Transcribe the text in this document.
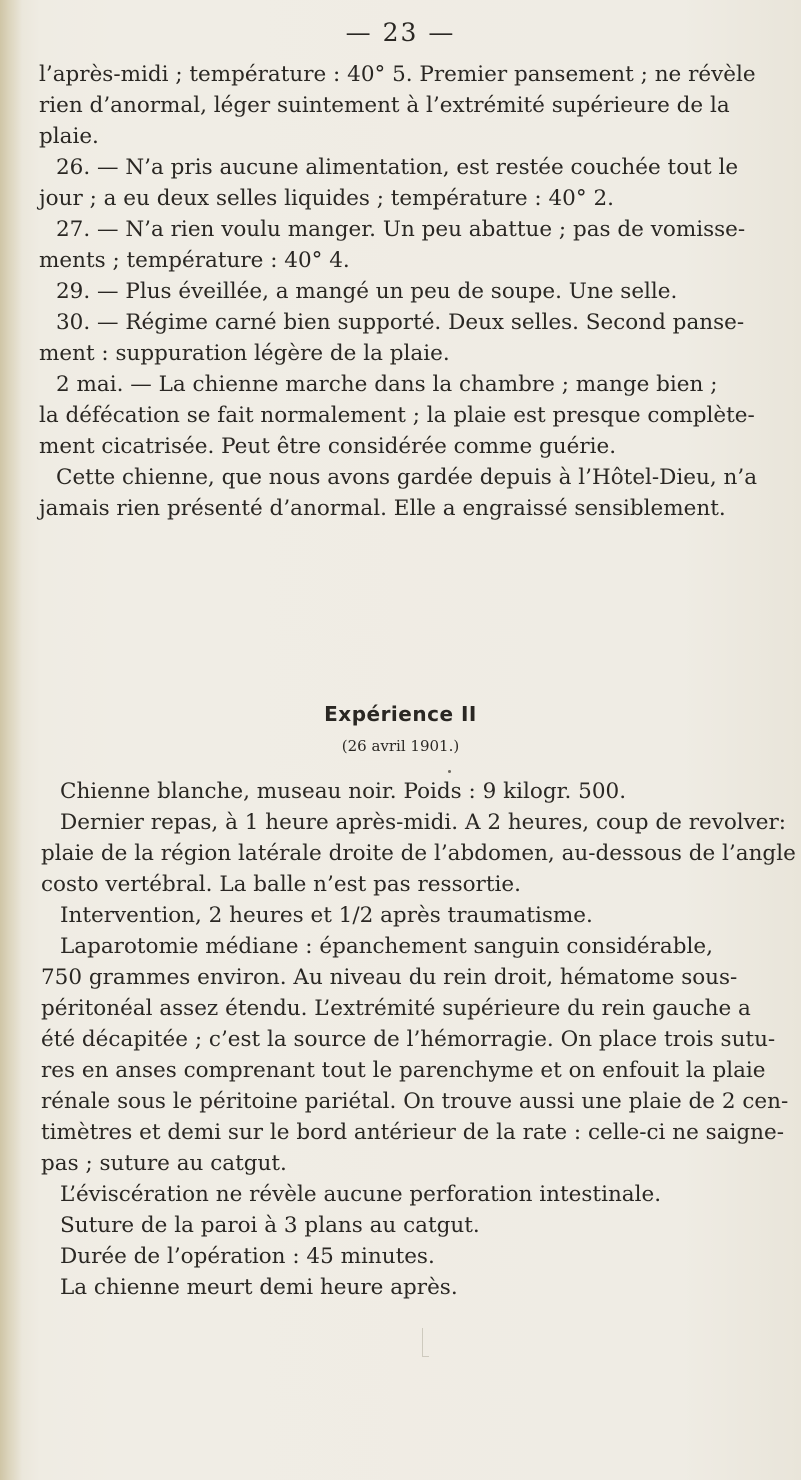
— 23 —
l’après-midi ; température : 40° 5. Premier pansement ; ne révèle
rien d’anormal, léger suintement à l’extrémité supérieure de la
plaie.
26. — N’a pris aucune alimentation, est restée couchée tout le
jour ; a eu deux selles liquides ; température : 40° 2.
27. — N’a rien voulu manger. Un peu abattue ; pas de vomisse-
ments ; température : 40° 4.
29. — Plus éveillée, a mangé un peu de soupe. Une selle.
30. — Régime carné bien supporté. Deux selles. Second panse-
ment : suppuration légère de la plaie.
2 mai. — La chienne marche dans la chambre ; mange bien ;
la défécation se fait normalement ; la plaie est presque complète-
ment cicatrisée. Peut être considérée comme guérie.
Cette chienne, que nous avons gardée depuis à l’Hôtel-Dieu, n’a
jamais rien présenté d’anormal. Elle a engraissé sensiblement.
Expérience II
(26 avril 1901.)
Chienne blanche, museau noir. Poids : 9 kilogr. 500.
Dernier repas, à 1 heure après-midi. A 2 heures, coup de revolver:
plaie de la région latérale droite de l’abdomen, au-dessous de l’angle
costo vertébral. La balle n’est pas ressortie.
Intervention, 2 heures et 1/2 après traumatisme.
Laparotomie médiane : épanchement sanguin considérable,
750 grammes environ. Au niveau du rein droit, hématome sous-
péritonéal assez étendu. L’extrémité supérieure du rein gauche a
été décapitée ; c’est la source de l’hémorragie. On place trois sutu-
res en anses comprenant tout le parenchyme et on enfouit la plaie
rénale sous le péritoine pariétal. On trouve aussi une plaie de 2 cen-
timètres et demi sur le bord antérieur de la rate : celle-ci ne saigne-
pas ; suture au catgut.
L’éviscération ne révèle aucune perforation intestinale.
Suture de la paroi à 3 plans au catgut.
Durée de l’opération : 45 minutes.
La chienne meurt demi heure après.
